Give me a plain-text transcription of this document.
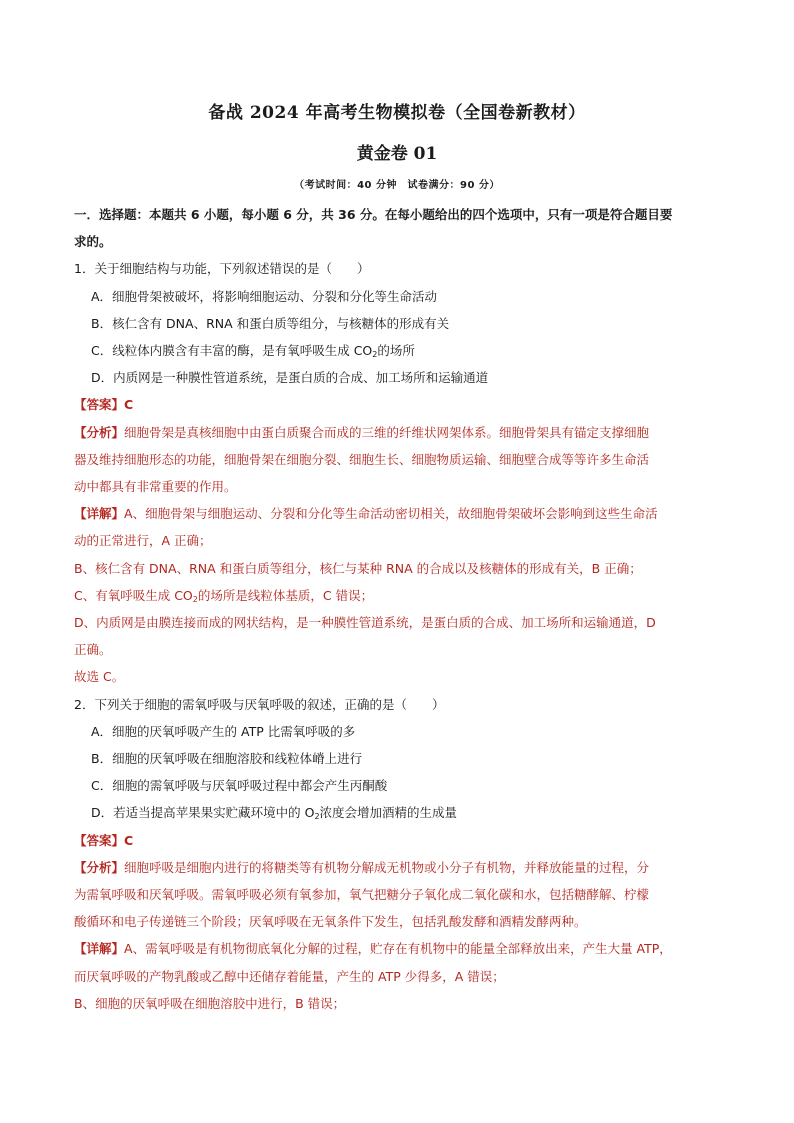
备战 2024 年高考生物模拟卷（全国卷新教材）
黄金卷 01
（考试时间：40 分钟　试卷满分：90 分）

一．选择题：本题共 6 小题，每小题 6 分，共 36 分。在每小题给出的四个选项中，只有一项是符合题目要

求的。

1．关于细胞结构与功能，下列叙述错误的是（　　）

A．细胞骨架被破坏，将影响细胞运动、分裂和分化等生命活动

B．核仁含有 DNA、RNA 和蛋白质等组分，与核糖体的形成有关

C．线粒体内膜含有丰富的酶，是有氧呼吸生成 $CO_2$的场所

D．内质网是一种膜性管道系统，是蛋白质的合成、加工场所和运输通道

【答案】C

【分析】细胞骨架是真核细胞中由蛋白质聚合而成的三维的纤维状网架体系。细胞骨架具有锚定支撑细胞

器及维持细胞形态的功能，细胞骨架在细胞分裂、细胞生长、细胞物质运输、细胞壁合成等等许多生命活

动中都具有非常重要的作用。

【详解】A、细胞骨架与细胞运动、分裂和分化等生命活动密切相关，故细胞骨架破坏会影响到这些生命活

动的正常进行，A 正确；

B、核仁含有 DNA、RNA 和蛋白质等组分，核仁与某种 RNA 的合成以及核糖体的形成有关，B 正确；

C、有氧呼吸生成 $CO_2$的场所是线粒体基质，C 错误；

D、内质网是由膜连接而成的网状结构，是一种膜性管道系统，是蛋白质的合成、加工场所和运输通道，D

正确。

故选 C。

2．下列关于细胞的需氧呼吸与厌氧呼吸的叙述，正确的是（　　）

A．细胞的厌氧呼吸产生的 ATP 比需氧呼吸的多

B．细胞的厌氧呼吸在细胞溶胶和线粒体嵴上进行

C．细胞的需氧呼吸与厌氧呼吸过程中都会产生丙酮酸

D．若适当提高苹果果实贮藏环境中的 $O_2$浓度会增加酒精的生成量

【答案】C

【分析】细胞呼吸是细胞内进行的将糖类等有机物分解成无机物或小分子有机物，并释放能量的过程，分

为需氧呼吸和厌氧呼吸。需氧呼吸必须有氧参加，氧气把糖分子氧化成二氧化碳和水，包括糖酵解、柠檬

酸循环和电子传递链三个阶段；厌氧呼吸在无氧条件下发生，包括乳酸发酵和酒精发酵两种。

【详解】A、需氧呼吸是有机物彻底氧化分解的过程，贮存在有机物中的能量全部释放出来，产生大量 ATP，

而厌氧呼吸的产物乳酸或乙醇中还储存着能量，产生的 ATP 少得多，A 错误；

B、细胞的厌氧呼吸在细胞溶胶中进行，B 错误；
